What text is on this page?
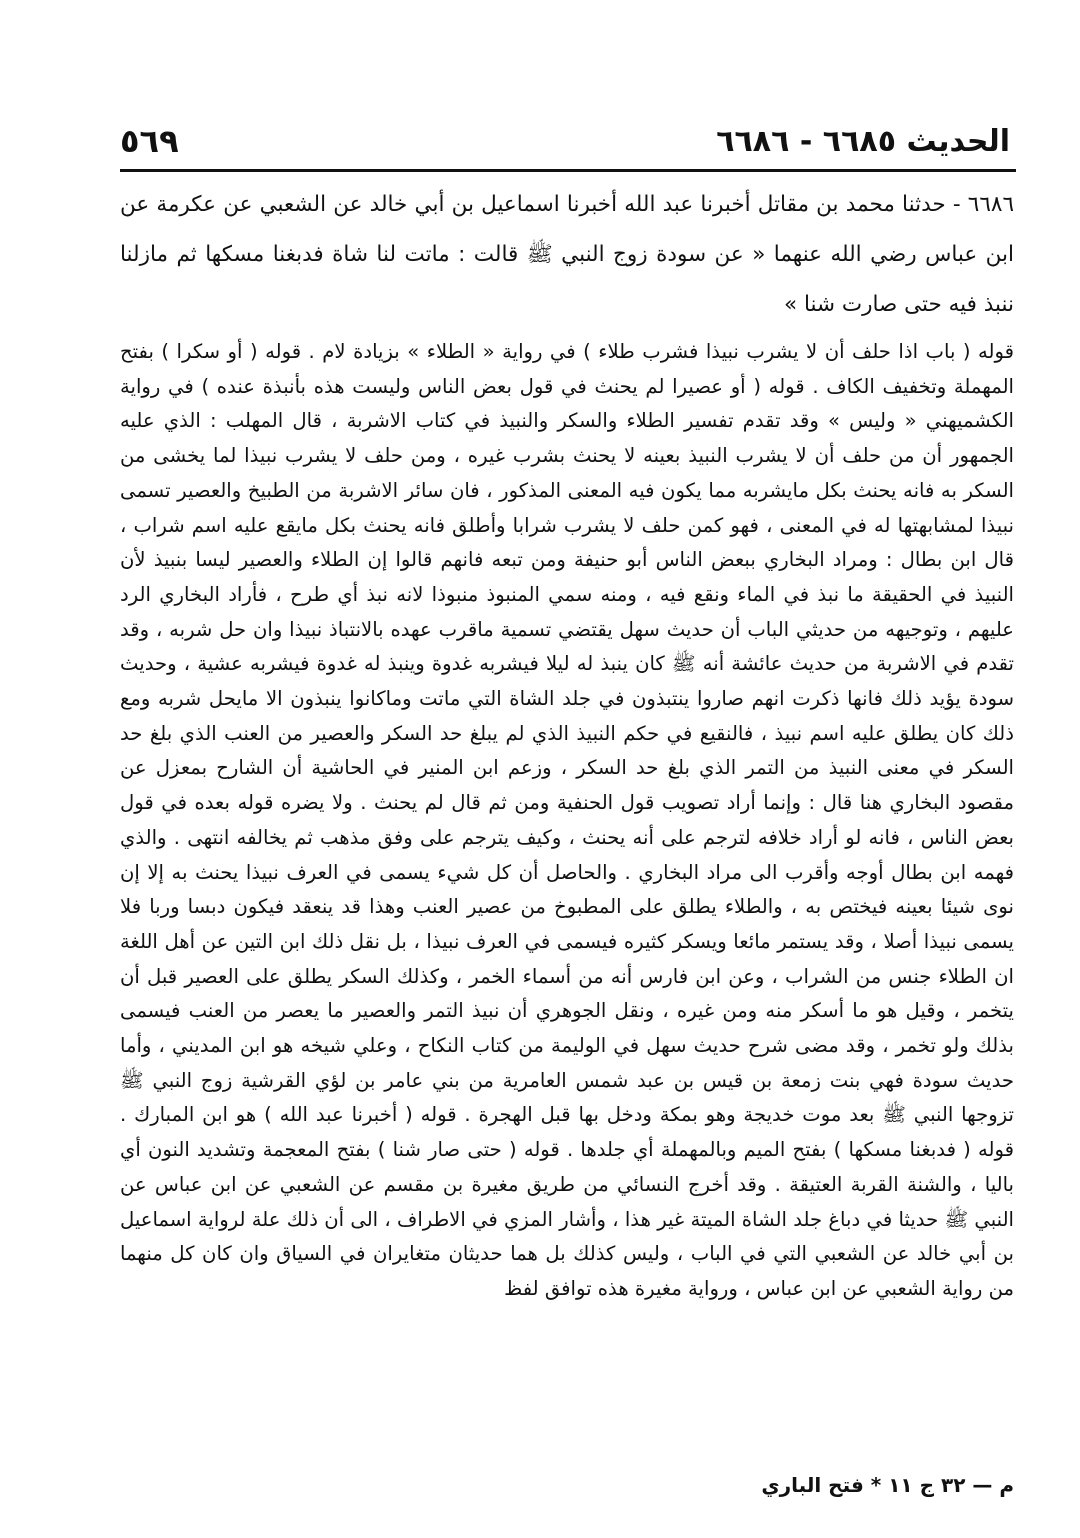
الحديث ٦٦٨٥ - ٦٦٨٦
٥٦٩

٦٦٨٦ - حدثنا محمد بن مقاتل أخبرنا عبد الله أخبرنا اسماعيل بن أبي خالد عن الشعبي عن عكرمة عن ابن عباس رضي الله عنهما « عن سودة زوج النبي ﷺ قالت : ماتت لنا شاة فدبغنا مسكها ثم مازلنا ننبذ فيه حتى صارت شنا »

قوله ( باب اذا حلف أن لا يشرب نبيذا فشرب طلاء ) في رواية « الطلاء » بزيادة لام . قوله ( أو سكرا ) بفتح المهملة وتخفيف الكاف . قوله ( أو عصيرا لم يحنث في قول بعض الناس وليست هذه بأنبذة عنده ) في رواية الكشميهني « وليس » وقد تقدم تفسير الطلاء والسكر والنبيذ في كتاب الاشربة ، قال المهلب : الذي عليه الجمهور أن من حلف أن لا يشرب النبيذ بعينه لا يحنث بشرب غيره ، ومن حلف لا يشرب نبيذا لما يخشى من السكر به فانه يحنث بكل مايشربه مما يكون فيه المعنى المذكور ، فان سائر الاشربة من الطبيخ والعصير تسمى نبيذا لمشابهتها له في المعنى ، فهو كمن حلف لا يشرب شرابا وأطلق فانه يحنث بكل مايقع عليه اسم شراب ، قال ابن بطال : ومراد البخاري ببعض الناس أبو حنيفة ومن تبعه فانهم قالوا إن الطلاء والعصير ليسا بنبيذ لأن النبيذ في الحقيقة ما نبذ في الماء ونقع فيه ، ومنه سمي المنبوذ منبوذا لانه نبذ أي طرح ، فأراد البخاري الرد عليهم ، وتوجيهه من حديثي الباب أن حديث سهل يقتضي تسمية ماقرب عهده بالانتباذ نبيذا وان حل شربه ، وقد تقدم في الاشربة من حديث عائشة أنه ﷺ كان ينبذ له ليلا فيشربه غدوة وينبذ له غدوة فيشربه عشية ، وحديث سودة يؤيد ذلك فانها ذكرت انهم صاروا ينتبذون في جلد الشاة التي ماتت وماكانوا ينبذون الا مايحل شربه ومع ذلك كان يطلق عليه اسم نبيذ ، فالنقيع في حكم النبيذ الذي لم يبلغ حد السكر والعصير من العنب الذي بلغ حد السكر في معنى النبيذ من التمر الذي بلغ حد السكر ، وزعم ابن المنير في الحاشية أن الشارح بمعزل عن مقصود البخاري هنا قال : وإنما أراد تصويب قول الحنفية ومن ثم قال لم يحنث . ولا يضره قوله بعده في قول بعض الناس ، فانه لو أراد خلافه لترجم على أنه يحنث ، وكيف يترجم على وفق مذهب ثم يخالفه انتهى . والذي فهمه ابن بطال أوجه وأقرب الى مراد البخاري . والحاصل أن كل شيء يسمى في العرف نبيذا يحنث به إلا إن نوى شيئا بعينه فيختص به ، والطلاء يطلق على المطبوخ من عصير العنب وهذا قد ينعقد فيكون دبسا وربا فلا يسمى نبيذا أصلا ، وقد يستمر مائعا ويسكر كثيره فيسمى في العرف نبيذا ، بل نقل ذلك ابن التين عن أهل اللغة ان الطلاء جنس من الشراب ، وعن ابن فارس أنه من أسماء الخمر ، وكذلك السكر يطلق على العصير قبل أن يتخمر ، وقيل هو ما أسكر منه ومن غيره ، ونقل الجوهري أن نبيذ التمر والعصير ما يعصر من العنب فيسمى بذلك ولو تخمر ، وقد مضى شرح حديث سهل في الوليمة من كتاب النكاح ، وعلي شيخه هو ابن المديني ، وأما حديث سودة فهي بنت زمعة بن قيس بن عبد شمس العامرية من بني عامر بن لؤي القرشية زوج النبي ﷺ تزوجها النبي ﷺ بعد موت خديجة وهو بمكة ودخل بها قبل الهجرة . قوله ( أخبرنا عبد الله ) هو ابن المبارك . قوله ( فدبغنا مسكها ) بفتح الميم وبالمهملة أي جلدها . قوله ( حتى صار شنا ) بفتح المعجمة وتشديد النون أي باليا ، والشنة القربة العتيقة . وقد أخرج النسائي من طريق مغيرة بن مقسم عن الشعبي عن ابن عباس عن النبي ﷺ حديثا في دباغ جلد الشاة الميتة غير هذا ، وأشار المزي في الاطراف ، الى أن ذلك علة لرواية اسماعيل بن أبي خالد عن الشعبي التي في الباب ، وليس كذلك بل هما حديثان متغايران في السياق وان كان كل منهما من رواية الشعبي عن ابن عباس ، ورواية مغيرة هذه توافق لفظ

م — ٣٢ ج ١١ * فتح الباري
